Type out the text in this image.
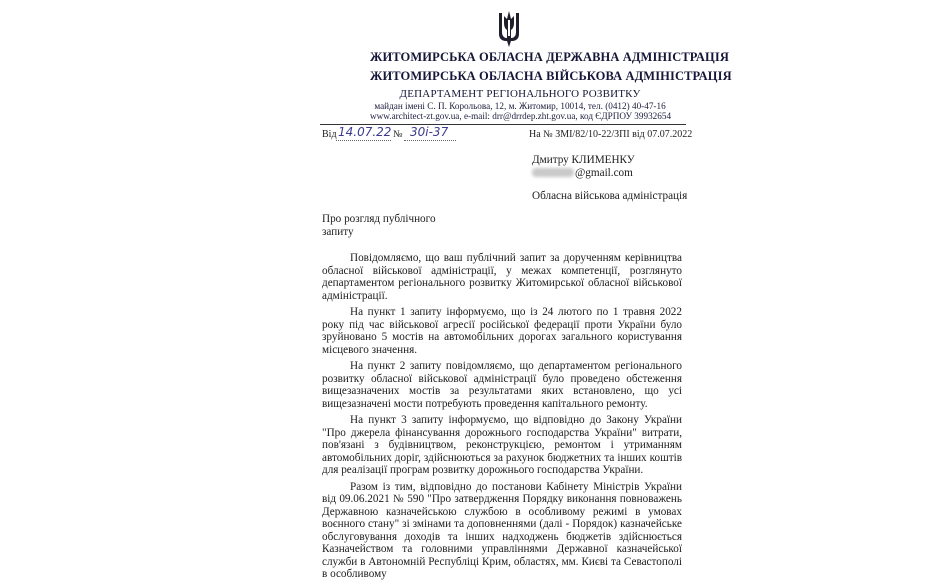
ЖИТОМИРСЬКА ОБЛАСНА ДЕРЖАВНА АДМІНІСТРАЦІЯ
ЖИТОМИРСЬКА ОБЛАСНА ВІЙСЬКОВА АДМІНІСТРАЦІЯ
ДЕПАРТАМЕНТ РЕГІОНАЛЬНОГО РОЗВИТКУ
майдан імені С. П. Корольова, 12, м. Житомир, 10014, тел. (0412) 40-47-16
www.architect-zt.gov.ua, e-mail: drr@drrdep.zht.gov.ua, код ЄДРПОУ 39932654
Від 14.07.22 № 30і-37	На № ЗМІ/82/10-22/ЗПІ від 07.07.2022
Дмитру КЛИМЕНКУ
@gmail.com
Обласна військова адміністрація
Про розгляд публічного
запиту

Повідомляємо, що ваш публічний запит за дорученням керівництва обласної військової адміністрації, у межах компетенції, розглянуто департаментом регіонального розвитку Житомирської обласної військової адміністрації.

На пункт 1 запиту інформуємо, що із 24 лютого по 1 травня 2022 року під час військової агресії російської федерації проти України було зруйновано 5 мостів на автомобільних дорогах загального користування місцевого значення.

На пункт 2 запиту повідомляємо, що департаментом регіонального розвитку обласної військової адміністрації було проведено обстеження вищезазначених мостів за результатами яких встановлено, що усі вищезазначені мости потребують проведення капітального ремонту.

На пункт 3 запиту інформуємо, що відповідно до Закону України "Про джерела фінансування дорожнього господарства України" витрати, пов'язані з будівництвом, реконструкцією, ремонтом і утриманням автомобільних доріг, здійснюються за рахунок бюджетних та інших коштів для реалізації програм розвитку дорожнього господарства України.

Разом із тим, відповідно до постанови Кабінету Міністрів України від 09.06.2021 № 590 "Про затвердження Порядку виконання повноважень Державною казначейською службою в особливому режимі в умовах воєнного стану" зі змінами та доповненнями (далі - Порядок) казначейське обслуговування доходів та інших надходжень бюджетів здійснюється Казначейством та головними управліннями Державної казначейської служби в Автономній Республіці Крим, областях, мм. Києві та Севастополі в особливому
